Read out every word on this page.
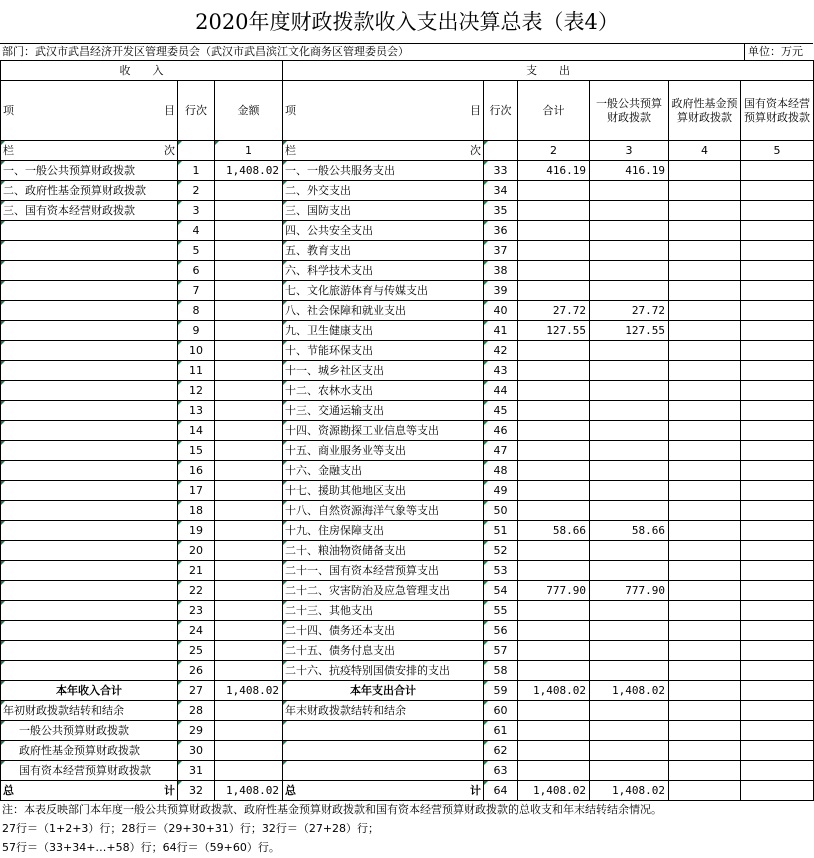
2020年度财政拨款收入支出决算总表（表4）
部门：武汉市武昌经济开发区管理委员会（武汉市武昌滨江文化商务区管理委员会）	单位：万元
收　　入			支　　出					

项 目	行次	金额	项 目	行次	合计	一般公共预算财政拨款	政府性基金预算财政拨款	国有资本经营预算财政拨款

栏 次		1	栏 次		2	3	4	5
一、一般公共预算财政拨款	1	1,408.02	一、一般公共服务支出	33	416.19	416.19		
二、政府性基金预算财政拨款	2		二、外交支出	34				
三、国有资本经营财政拨款	3		三、国防支出	35				
	4		四、公共安全支出	36				
	5		五、教育支出	37				
	6		六、科学技术支出	38				
	7		七、文化旅游体育与传媒支出	39				
	8		八、社会保障和就业支出	40	27.72	27.72		
	9		九、卫生健康支出	41	127.55	127.55		
	10		十、节能环保支出	42				
	11		十一、城乡社区支出	43				
	12		十二、农林水支出	44				
	13		十三、交通运输支出	45				
	14		十四、资源勘探工业信息等支出	46				
	15		十五、商业服务业等支出	47				
	16		十六、金融支出	48				
	17		十七、援助其他地区支出	49				
	18		十八、自然资源海洋气象等支出	50				
	19		十九、住房保障支出	51	58.66	58.66		
	20		二十、粮油物资储备支出	52				
	21		二十一、国有资本经营预算支出	53				
	22		二十二、灾害防治及应急管理支出	54	777.90	777.90		
	23		二十三、其他支出	55				
	24		二十四、债务还本支出	56				
	25		二十五、债务付息支出	57				
	26		二十六、抗疫特别国债安排的支出	58				
本年收入合计	27	1,408.02	本年支出合计	59	1,408.02	1,408.02		
年初财政拨款结转和结余	28		年末财政拨款结转和结余	60				
一般公共预算财政拨款	29			61				
政府性基金预算财政拨款	30			62				
国有资本经营预算财政拨款	31			63				

总 计	32	1,408.02	总 计	64	1,408.02	1,408.02		
注：本表反映部门本年度一般公共预算财政拨款、政府性基金预算财政拨款和国有资本经营预算财政拨款的总收支和年末结转结余情况。
27行＝（1+2+3）行；28行＝（29+30+31）行；32行＝（27+28）行；
57行＝（33+34+…+58）行；64行＝（59+60）行。
